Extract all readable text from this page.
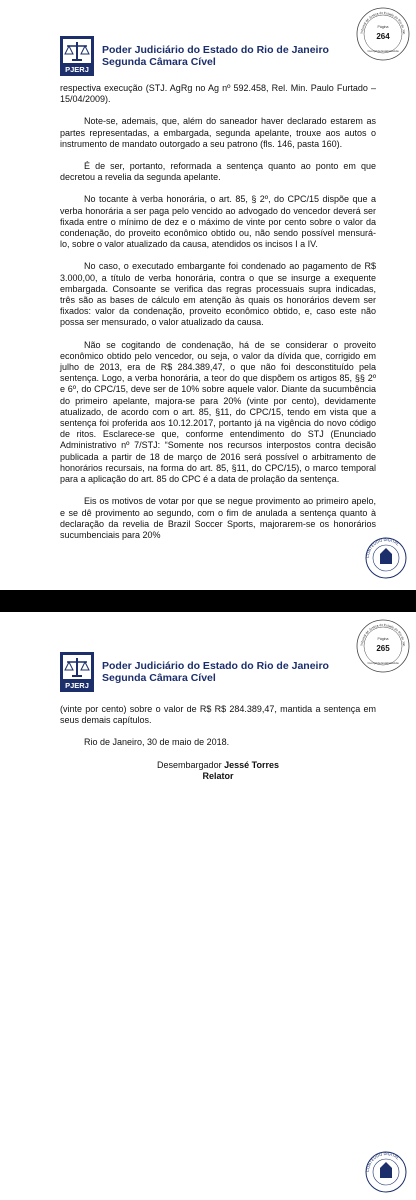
Tribunal de Justiça do Estado do Rio de Jan
Página
264
Cumprida Estabelecida
PJERJ
Poder Judiciário do Estado do Rio de Janeiro
Segunda Câmara Cível

respectiva execução (STJ. AgRg no Ag nº 592.458, Rel. Min. Paulo Furtado – 15/04/2009).

Note-se, ademais, que, além do saneador haver declarado estarem as partes representadas, a embargada, segunda apelante, trouxe aos autos o instrumento de mandato outorgado a seu patrono (fls. 146, pasta 160).

É de ser, portanto, reformada a sentença quanto ao ponto em que decretou a revelia da segunda apelante.

No tocante à verba honorária, o art. 85, § 2º, do CPC/15 dispõe que a verba honorária a ser paga pelo vencido ao advogado do vencedor deverá ser fixada entre o mínimo de dez e o máximo de vinte por cento sobre o valor da condenação, do proveito econômico obtido ou, não sendo possível mensurá-lo, sobre o valor atualizado da causa, atendidos os incisos I a IV.

No caso, o executado embargante foi condenado ao pagamento de R$ 3.000,00, a título de verba honorária, contra o que se insurge a exequente embargada. Consoante se verifica das regras processuais supra indicadas, três são as bases de cálculo em atenção às quais os honorários devem ser fixados: valor da condenação, proveito econômico obtido, e, caso este não possa ser mensurado, o valor atualizado da causa.

Não se cogitando de condenação, há de se considerar o proveito econômico obtido pelo vencedor, ou seja, o valor da dívida que, corrigido em julho de 2013, era de R$ 284.389,47, o que não foi desconstituído pela sentença. Logo, a verba honorária, a teor do que dispõem os artigos 85, §§ 2º e 6º, do CPC/15, deve ser de 10% sobre aquele valor. Diante da sucumbência do primeiro apelante, majora-se para 20% (vinte por cento), devidamente atualizado, de acordo com o art. 85, §11, do CPC/15, tendo em vista que a sentença foi proferida aos 10.12.2017, portanto já na vigência do novo código de ritos. Esclarece-se que, conforme entendimento do STJ (Enunciado Administrativo nº 7/STJ: “Somente nos recursos interpostos contra decisão publicada a partir de 18 de março de 2016 será possível o arbitramento de honorários recursais, na forma do art. 85, §11, do CPC/15), o marco temporal para a aplicação do art. 85 do CPC é a data de prolação da sentença.

Eis os motivos de votar por que se negue provimento ao primeiro apelo, e se dê provimento ao segundo, com o fim de anulada a sentença quanto à declaração da revelia de Brazil Soccer Sports, majorarem-se os honorários sucumbenciais para 20%

CONTEÚDO DIGITAL
Tribunal de Justiça do Estado do Rio de Jan
Página
265
Cumprida Estabelecida
PJERJ
Poder Judiciário do Estado do Rio de Janeiro
Segunda Câmara Cível

(vinte por cento) sobre o valor de R$ R$ 284.389,47, mantida a sentença em seus demais capítulos.

Rio de Janeiro, 30 de maio de 2018.

Desembargador Jessé Torres
Relator
CONTEÚDO DIGITAL
